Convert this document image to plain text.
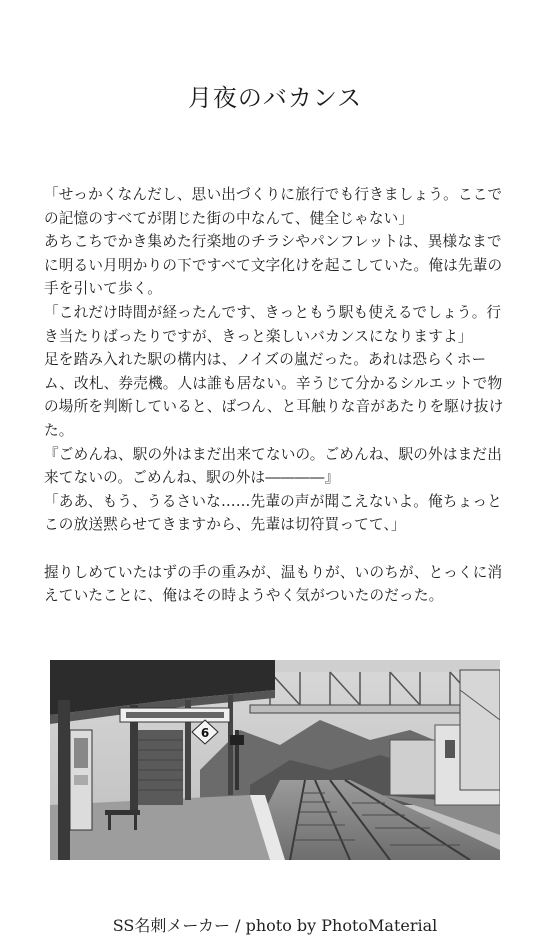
月夜のバカンス

「せっかくなんだし、思い出づくりに旅行でも行きましょう。ここでの記憶のすべてが閉じた街の中なんて、健全じゃない」

あちこちでかき集めた行楽地のチラシやパンフレットは、異様なまでに明るい月明かりの下ですべて文字化けを起こしていた。俺は先輩の手を引いて歩く。

「これだけ時間が経ったんです、きっともう駅も使えるでしょう。行き当たりばったりですが、きっと楽しいバカンスになりますよ」

足を踏み入れた駅の構内は、ノイズの嵐だった。あれは恐らくホーム、改札、券売機。人は誰も居ない。辛うじて分かるシルエットで物の場所を判断していると、ばつん、と耳触りな音があたりを駆け抜けた。

『ごめんね、駅の外はまだ出来てないの。ごめんね、駅の外はまだ出来てないの。ごめんね、駅の外は――――』

「ああ、もう、うるさいな……先輩の声が聞こえないよ。俺ちょっとこの放送黙らせてきますから、先輩は切符買ってて、」

握りしめていたはずの手の重みが、温もりが、いのちが、とっくに消えていたことに、俺はその時ようやく気がついたのだった。

6
SS名刺メーカー / photo by PhotoMaterial
